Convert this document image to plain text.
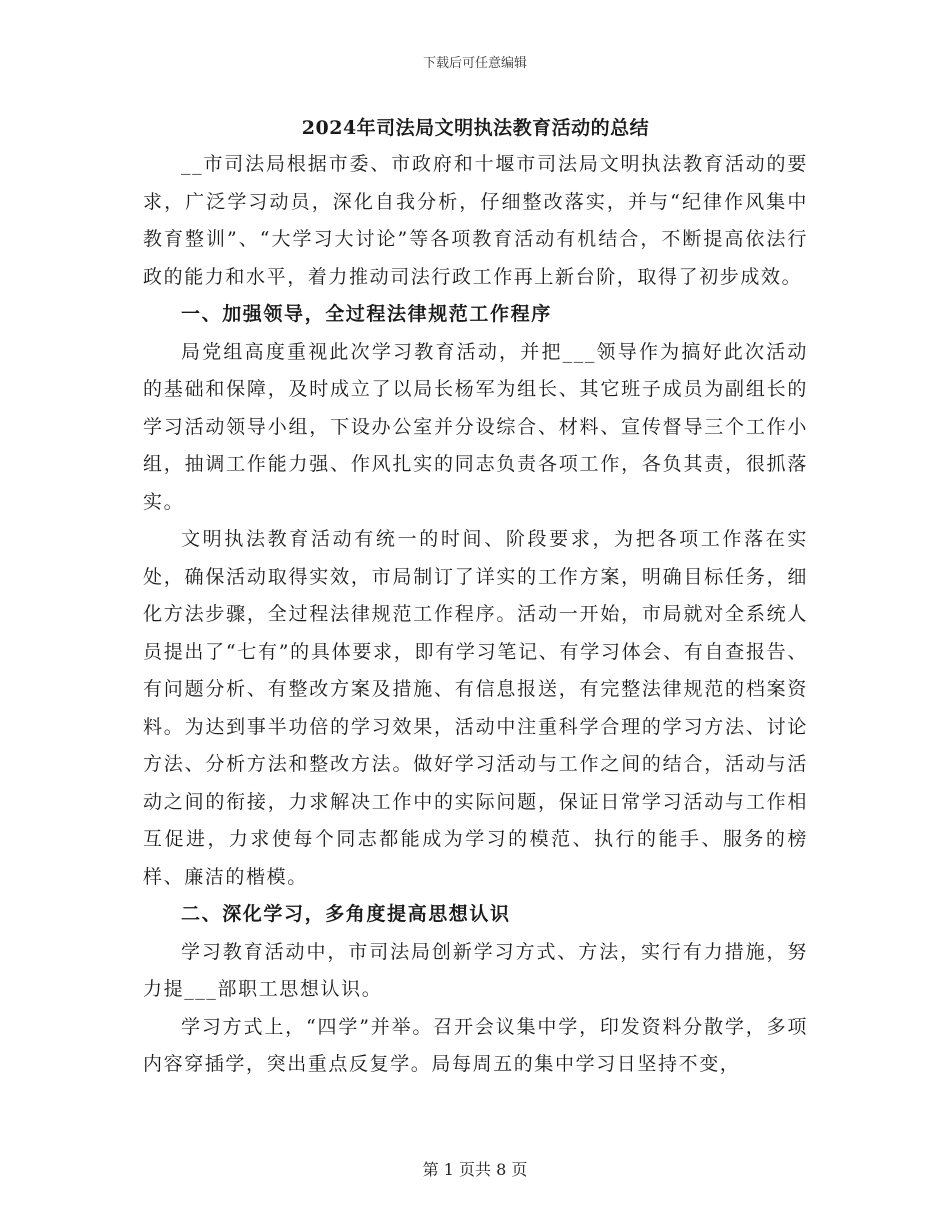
下载后可任意编辑
2024年司法局文明执法教育活动的总结

__市司法局根据市委、市政府和十堰市司法局文明执法教育活动的要求，广泛学习动员，深化自我分析，仔细整改落实，并与“纪律作风集中教育整训”、“大学习大讨论”等各项教育活动有机结合，不断提高依法行政的能力和水平，着力推动司法行政工作再上新台阶，取得了初步成效。

一、加强领导，全过程法律规范工作程序

局党组高度重视此次学习教育活动，并把___领导作为搞好此次活动的基础和保障，及时成立了以局长杨军为组长、其它班子成员为副组长的学习活动领导小组，下设办公室并分设综合、材料、宣传督导三个工作小组，抽调工作能力强、作风扎实的同志负责各项工作，各负其责，很抓落实。

文明执法教育活动有统一的时间、阶段要求，为把各项工作落在实处，确保活动取得实效，市局制订了详实的工作方案，明确目标任务，细化方法步骤，全过程法律规范工作程序。活动一开始，市局就对全系统人员提出了“七有”的具体要求，即有学习笔记、有学习体会、有自查报告、有问题分析、有整改方案及措施、有信息报送，有完整法律规范的档案资料。为达到事半功倍的学习效果，活动中注重科学合理的学习方法、讨论方法、分析方法和整改方法。做好学习活动与工作之间的结合，活动与活动之间的衔接，力求解决工作中的实际问题，保证日常学习活动与工作相互促进，力求使每个同志都能成为学习的模范、执行的能手、服务的榜样、廉洁的楷模。

二、深化学习，多角度提高思想认识

学习教育活动中，市司法局创新学习方式、方法，实行有力措施，努力提___部职工思想认识。

学习方式上，“四学”并举。召开会议集中学，印发资料分散学，多项内容穿插学，突出重点反复学。局每周五的集中学习日坚持不变，

第 1 页共 8 页
